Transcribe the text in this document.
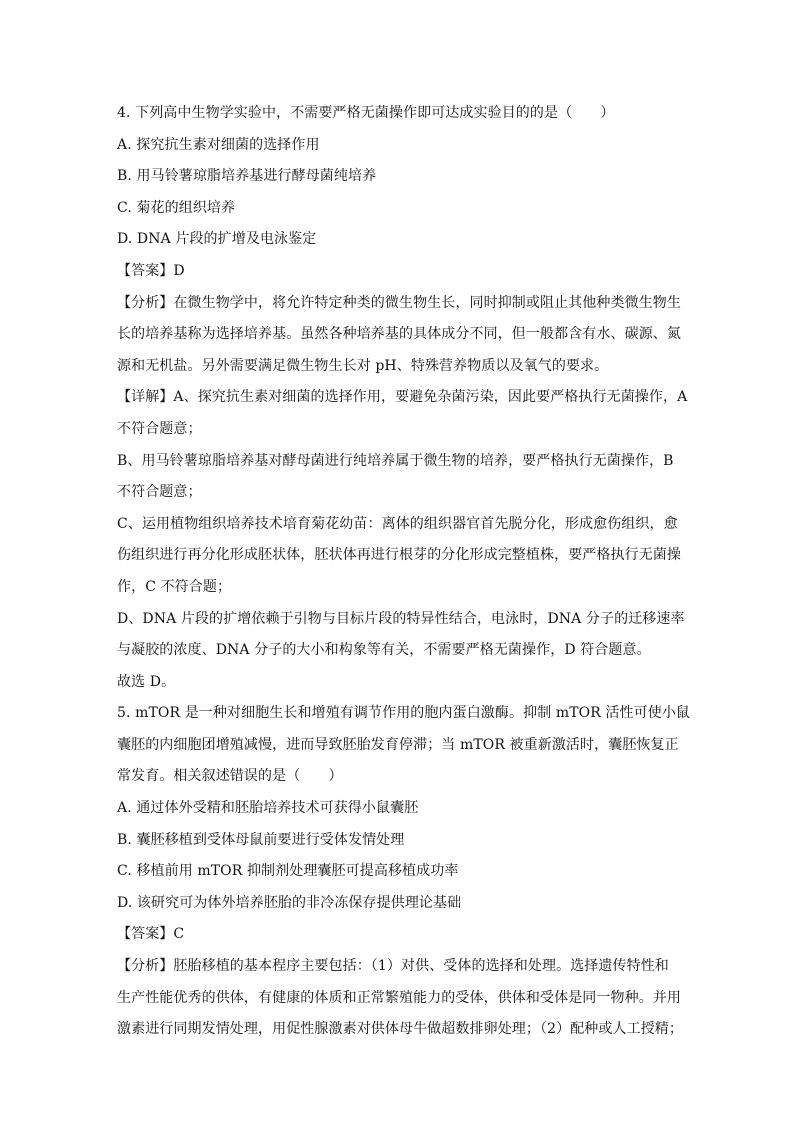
4. 下列高中生物学实验中，不需要严格无菌操作即可达成实验目的的是（　　）
A. 探究抗生素对细菌的选择作用
B. 用马铃薯琼脂培养基进行酵母菌纯培养
C. 菊花的组织培养
D. DNA 片段的扩增及电泳鉴定
【答案】D
【分析】在微生物学中，将允许特定种类的微生物生长，同时抑制或阻止其他种类微生物生
长的培养基称为选择培养基。虽然各种培养基的具体成分不同，但一般都含有水、碳源、氮
源和无机盐。另外需要满足微生物生长对 pH、特殊营养物质以及氧气的要求。
【详解】A、探究抗生素对细菌的选择作用，要避免杂菌污染，因此要严格执行无菌操作，A
不符合题意；
B、用马铃薯琼脂培养基对酵母菌进行纯培养属于微生物的培养，要严格执行无菌操作，B
不符合题意；
C、运用植物组织培养技术培育菊花幼苗：离体的组织器官首先脱分化，形成愈伤组织，愈
伤组织进行再分化形成胚状体，胚状体再进行根芽的分化形成完整植株，要严格执行无菌操
作，C 不符合题；
D、DNA 片段的扩增依赖于引物与目标片段的特异性结合，电泳时，DNA 分子的迁移速率
与凝胶的浓度、DNA 分子的大小和构象等有关，不需要严格无菌操作，D 符合题意。
故选 D。
5. mTOR 是一种对细胞生长和增殖有调节作用的胞内蛋白激酶。抑制 mTOR 活性可使小鼠
囊胚的内细胞团增殖减慢，进而导致胚胎发育停滞；当 mTOR 被重新激活时，囊胚恢复正
常发育。相关叙述错误的是（　　）
A. 通过体外受精和胚胎培养技术可获得小鼠囊胚
B. 囊胚移植到受体母鼠前要进行受体发情处理
C. 移植前用 mTOR 抑制剂处理囊胚可提高移植成功率
D. 该研究可为体外培养胚胎的非冷冻保存提供理论基础
【答案】C
【分析】胚胎移植的基本程序主要包括：（1）对供、受体的选择和处理。选择遗传特性和
生产性能优秀的供体，有健康的体质和正常繁殖能力的受体，供体和受体是同一物种。并用
激素进行同期发情处理，用促性腺激素对供体母牛做超数排卵处理；（2）配种或人工授精；
